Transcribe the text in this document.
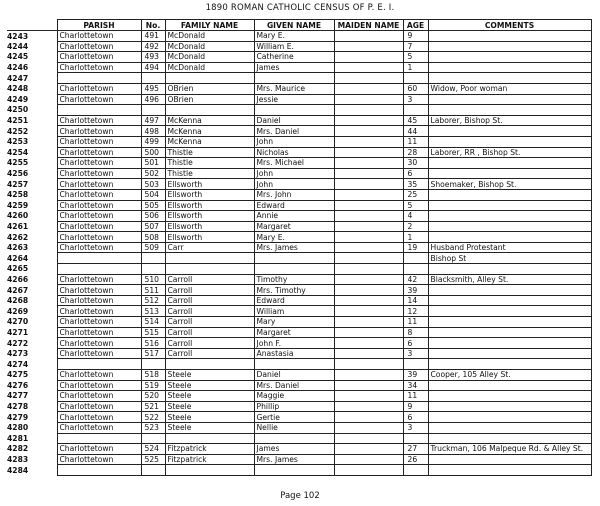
1890 ROMAN CATHOLIC CENSUS OF P. E. I.
	PARISH	No.	FAMILY NAME	GIVEN NAME	MAIDEN NAME	AGE	COMMENTS
4243	Charlottetown	491	McDonald	Mary E.		9	
4244	Charlottetown	492	McDonald	William E.		7	
4245	Charlottetown	493	McDonald	Catherine		5	
4246	Charlottetown	494	McDonald	James		1	
4247							
4248	Charlottetown	495	OBrien	Mrs. Maurice		60	Widow, Poor woman
4249	Charlottetown	496	OBrien	Jessie		3	
4250							
4251	Charlottetown	497	McKenna	Daniel		45	Laborer, Bishop St.
4252	Charlottetown	498	McKenna	Mrs. Daniel		44	
4253	Charlottetown	499	McKenna	John		11	
4254	Charlottetown	500	Thistle	Nicholas		28	Laborer, RR , Bishop St.
4255	Charlottetown	501	Thistle	Mrs. Michael		30	
4256	Charlottetown	502	Thistle	John		6	
4257	Charlottetown	503	Ellsworth	John		35	Shoemaker, Bishop St.
4258	Charlottetown	504	Ellsworth	Mrs. John		25	
4259	Charlottetown	505	Ellsworth	Edward		5	
4260	Charlottetown	506	Ellsworth	Annie		4	
4261	Charlottetown	507	Ellsworth	Margaret		2	
4262	Charlottetown	508	Ellsworth	Mary E.		1	
4263	Charlottetown	509	Carr	Mrs. James		19	Husband Protestant
4264							Bishop St
4265							
4266	Charlottetown	510	Carroll	Timothy		42	Blacksmith, Alley St.
4267	Charlottetown	511	Carroll	Mrs. Timothy		39	
4268	Charlottetown	512	Carroll	Edward		14	
4269	Charlottetown	513	Carroll	William		12	
4270	Charlottetown	514	Carroll	Mary		11	
4271	Charlottetown	515	Carroll	Margaret		8	
4272	Charlottetown	516	Carroll	John F.		6	
4273	Charlottetown	517	Carroll	Anastasia		3	
4274							
4275	Charlottetown	518	Steele	Daniel		39	Cooper, 105 Alley St.
4276	Charlottetown	519	Steele	Mrs. Daniel		34	
4277	Charlottetown	520	Steele	Maggie		11	
4278	Charlottetown	521	Steele	Phillip		9	
4279	Charlottetown	522	Steele	Gertie		6	
4280	Charlottetown	523	Steele	Nellie		3	
4281							
4282	Charlottetown	524	Fitzpatrick	James		27	Truckman, 106 Malpeque Rd. & Alley St.
4283	Charlottetown	525	Fitzpatrick	Mrs. James		26	
4284							
Page 102
